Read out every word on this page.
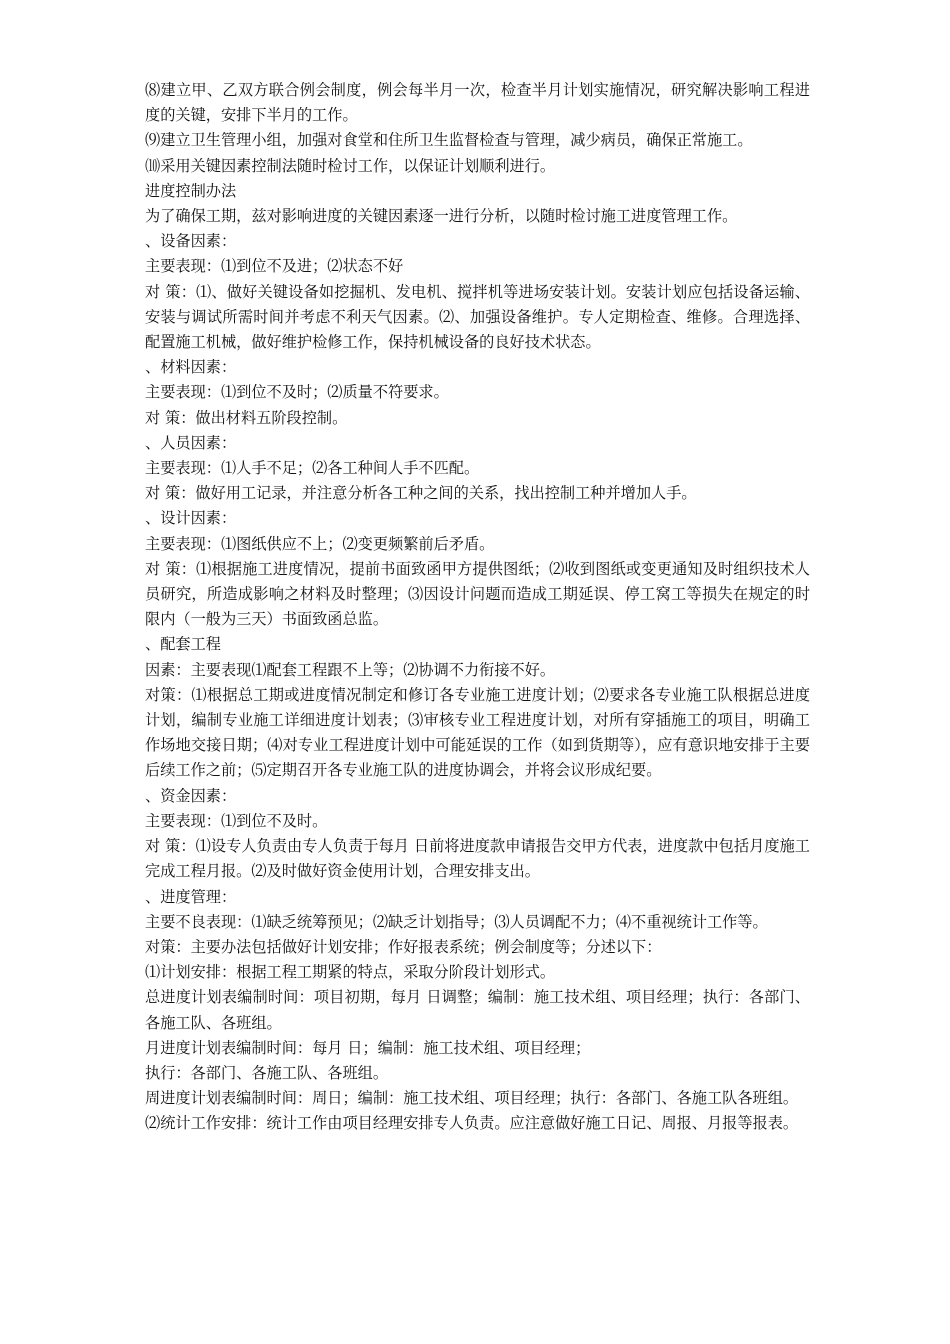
⑻建立甲、乙双方联合例会制度，例会每半月一次，检查半月计划实施情况，研究解决影响工程进度的关键，安排下半月的工作。

⑼建立卫生管理小组，加强对食堂和住所卫生监督检查与管理，减少病员，确保正常施工。

⑽采用关键因素控制法随时检讨工作，以保证计划顺利进行。

进度控制办法

为了确保工期，兹对影响进度的关键因素逐一进行分析，以随时检讨施工进度管理工作。

、设备因素：

主要表现：⑴到位不及进；⑵状态不好

对 策：⑴、做好关键设备如挖掘机、发电机、搅拌机等进场安装计划。安装计划应包括设备运输、安装与调试所需时间并考虑不利天气因素。⑵、加强设备维护。专人定期检查、维修。合理选择、配置施工机械，做好维护检修工作，保持机械设备的良好技术状态。

、材料因素：

主要表现：⑴到位不及时；⑵质量不符要求。

对 策：做出材料五阶段控制。

、人员因素：

主要表现：⑴人手不足；⑵各工种间人手不匹配。

对 策：做好用工记录，并注意分析各工种之间的关系，找出控制工种并增加人手。

、设计因素：

主要表现：⑴图纸供应不上；⑵变更频繁前后矛盾。

对 策：⑴根据施工进度情况，提前书面致函甲方提供图纸；⑵收到图纸或变更通知及时组织技术人员研究，所造成影响之材料及时整理；⑶因设计问题而造成工期延误、停工窝工等损失在规定的时限内（一般为三天）书面致函总监。

、配套工程

因素：主要表现⑴配套工程跟不上等；⑵协调不力衔接不好。

对策：⑴根据总工期或进度情况制定和修订各专业施工进度计划；⑵要求各专业施工队根据总进度计划，编制专业施工详细进度计划表；⑶审核专业工程进度计划，对所有穿插施工的项目，明确工作场地交接日期；⑷对专业工程进度计划中可能延误的工作（如到货期等），应有意识地安排于主要后续工作之前；⑸定期召开各专业施工队的进度协调会，并将会议形成纪要。

、资金因素：

主要表现：⑴到位不及时。

对 策：⑴设专人负责由专人负责于每月 日前将进度款申请报告交甲方代表，进度款中包括月度施工完成工程月报。⑵及时做好资金使用计划，合理安排支出。

、进度管理：

主要不良表现：⑴缺乏统筹预见；⑵缺乏计划指导；⑶人员调配不力；⑷不重视统计工作等。

对策：主要办法包括做好计划安排；作好报表系统；例会制度等；分述以下：

⑴计划安排：根据工程工期紧的特点，采取分阶段计划形式。

总进度计划表编制时间：项目初期，每月 日调整；编制：施工技术组、项目经理；执行：各部门、各施工队、各班组。

月进度计划表编制时间：每月 日；编制：施工技术组、项目经理；

执行：各部门、各施工队、各班组。

周进度计划表编制时间：周日；编制：施工技术组、项目经理；执行：各部门、各施工队各班组。

⑵统计工作安排：统计工作由项目经理安排专人负责。应注意做好施工日记、周报、月报等报表。
